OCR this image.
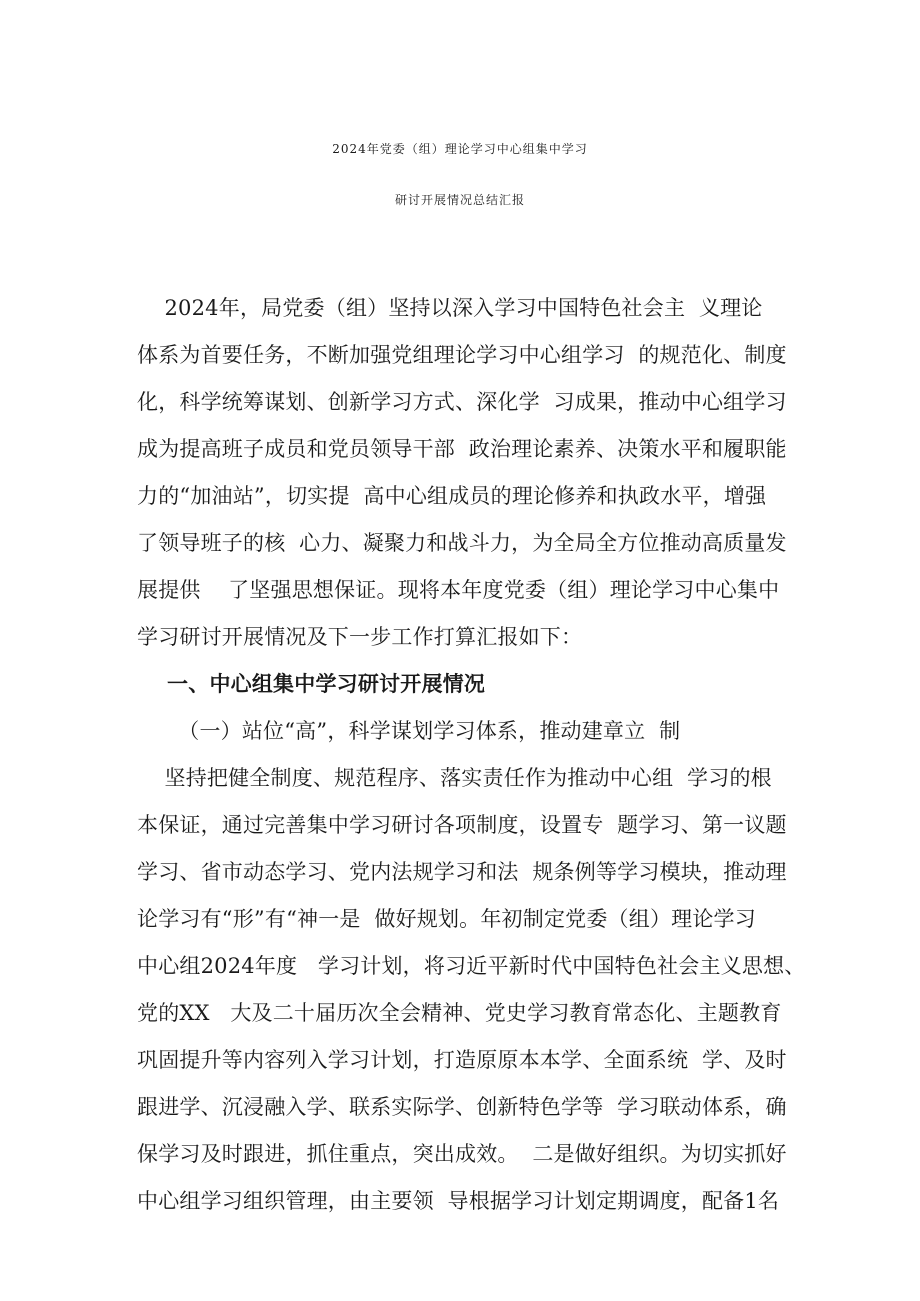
2024年党委（组）理论学习中心组集中学习
研讨开展情况总结汇报
2024年，局党委（组）坚持以深入学习中国特色社会主  义理论
体系为首要任务，不断加强党组理论学习中心组学习  的规范化、制度
化，科学统筹谋划、创新学习方式、深化学  习成果，推动中心组学习
成为提高班子成员和党员领导干部  政治理论素养、决策水平和履职能
力的“加油站”，切实提  高中心组成员的理论修养和执政水平，增强
了领导班子的核  心力、凝聚力和战斗力，为全局全方位推动高质量发
展提供    了坚强思想保证。现将本年度党委（组）理论学习中心集中
学习研讨开展情况及下一步工作打算汇报如下：
一、中心组集中学习研讨开展情况
（一）站位“高”，科学谋划学习体系，推动建章立  制
坚持把健全制度、规范程序、落实责任作为推动中心组  学习的根
本保证，通过完善集中学习研讨各项制度，设置专  题学习、第一议题
学习、省市动态学习、党内法规学习和法  规条例等学习模块，推动理
论学习有“形”有“神一是  做好规划。年初制定党委（组）理论学习
中心组2024年度   学习计划，将习近平新时代中国特色社会主义思想、
党的XX   大及二十届历次全会精神、党史学习教育常态化、主题教育
巩固提升等内容列入学习计划，打造原原本本学、全面系统  学、及时
跟进学、沉浸融入学、联系实际学、创新特色学等  学习联动体系，确
保学习及时跟进，抓住重点，突出成效。  二是做好组织。为切实抓好
中心组学习组织管理，由主要领  导根据学习计划定期调度，配备1名
